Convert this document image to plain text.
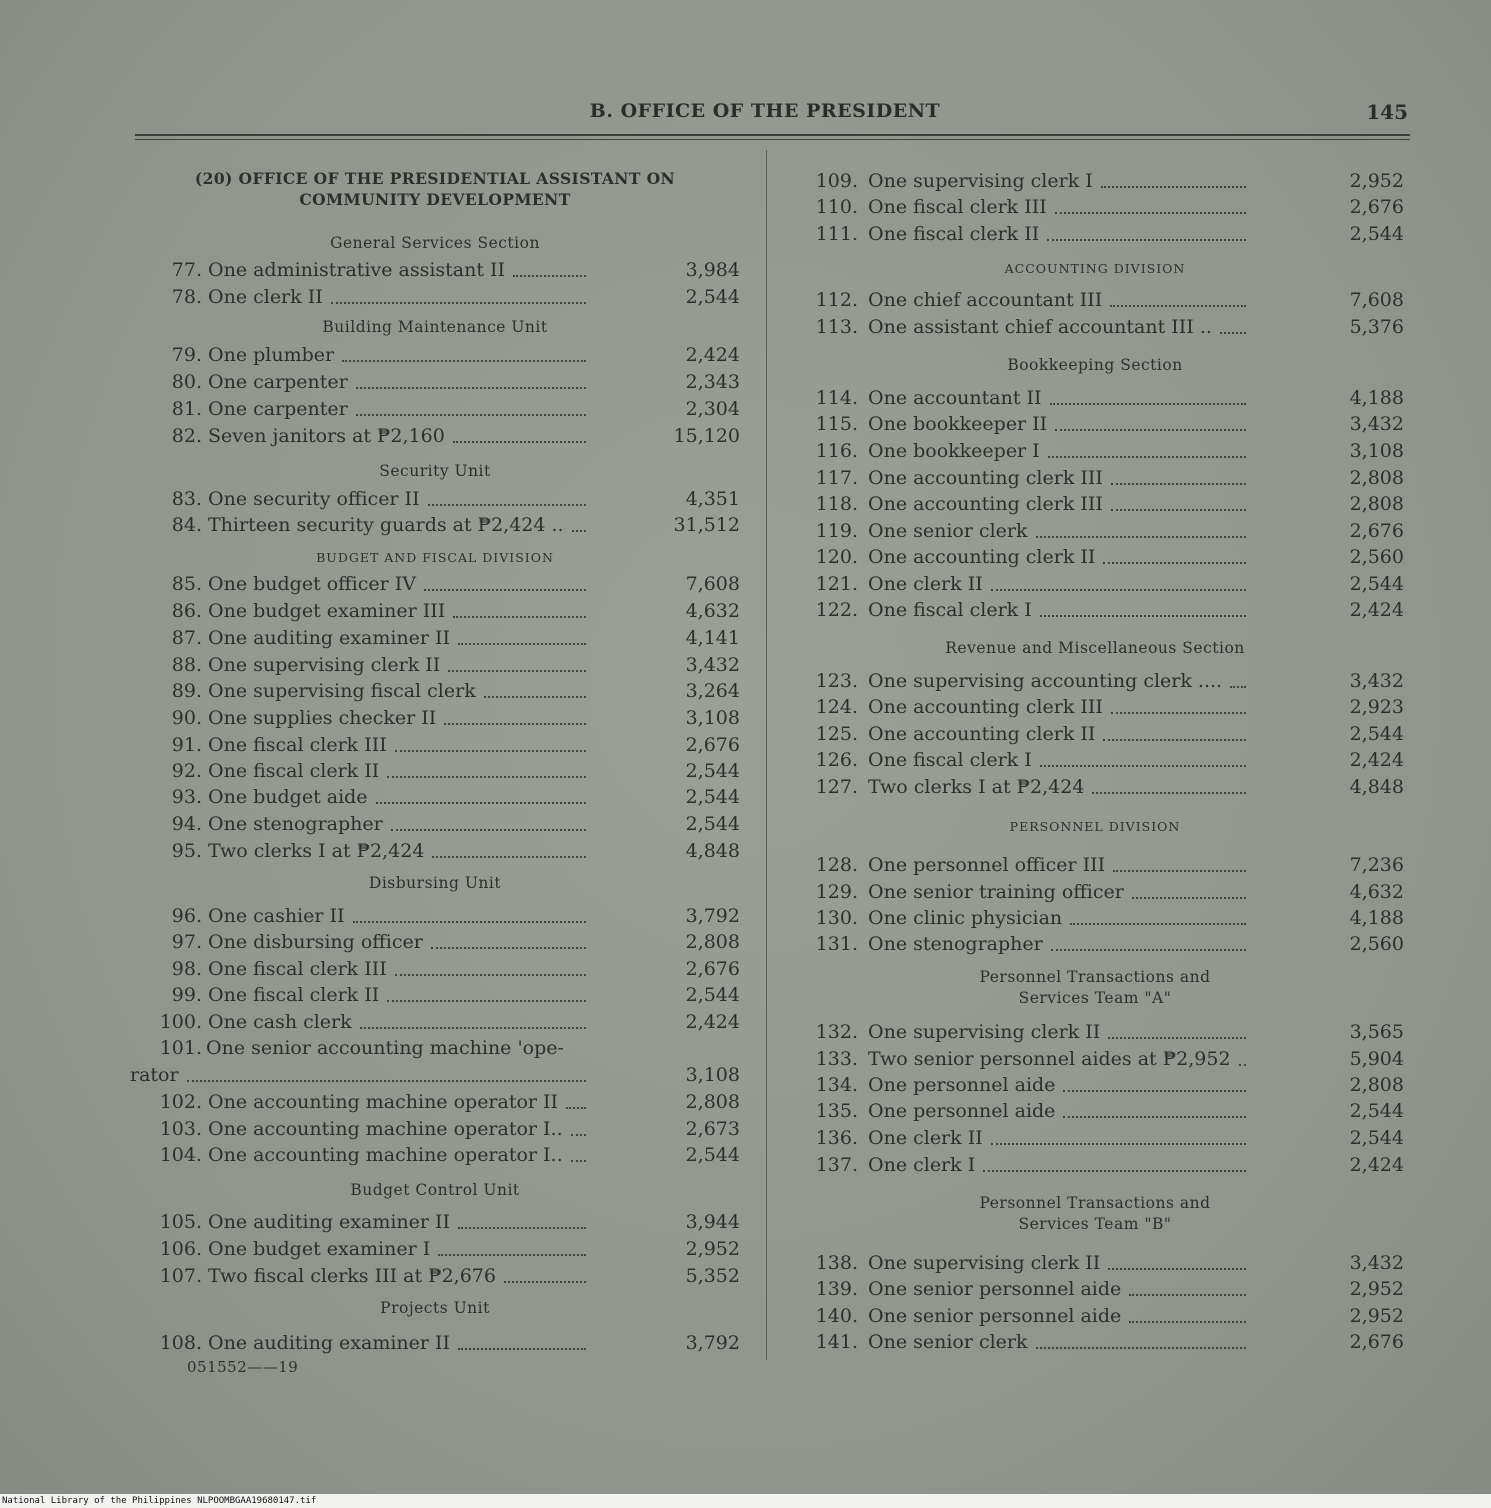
B. OFFICE OF THE PRESIDENT	145
(20) OFFICE OF THE PRESIDENTIAL ASSISTANT ON
COMMUNITY DEVELOPMENT
General Services Section
77. One administrative assistant II	3,984
78. One clerk II	2,544
Building Maintenance Unit
79. One plumber	2,424
80. One carpenter	2,343
81. One carpenter	2,304
82. Seven janitors at ₱2,160	15,120
Security Unit
83. One security officer II	4,351
84. Thirteen security guards at ₱2,424 ..	31,512
BUDGET AND FISCAL DIVISION
85. One budget officer IV	7,608
86. One budget examiner III	4,632
87. One auditing examiner II	4,141
88. One supervising clerk II	3,432
89. One supervising fiscal clerk	3,264
90. One supplies checker II	3,108
91. One fiscal clerk III	2,676
92. One fiscal clerk II	2,544
93. One budget aide	2,544
94. One stenographer	2,544
95. Two clerks I at ₱2,424	4,848
Disbursing Unit
96. One cashier II	3,792
97. One disbursing officer	2,808
98. One fiscal clerk III	2,676
99. One fiscal clerk II	2,544
100. One cash clerk	2,424
Budget Control Unit
105. One auditing examiner II	3,944
106. One budget examiner I	2,952
107. Two fiscal clerks III at ₱2,676	5,352
Projects Unit
108. One auditing examiner II	3,792
101. One senior accounting machine 'ope-
rator	3,108
102. One accounting machine operator II	2,808
103. One accounting machine operator I..	2,673
104. One accounting machine operator I..	2,544
109. One supervising clerk I	2,952
110. One fiscal clerk III	2,676
111. One fiscal clerk II	2,544
ACCOUNTING DIVISION
112. One chief accountant III	7,608
113. One assistant chief accountant III ..	5,376
Bookkeeping Section
114. One accountant II	4,188
115. One bookkeeper II	3,432
116. One bookkeeper I	3,108
117. One accounting clerk III	2,808
118. One accounting clerk III	2,808
119. One senior clerk	2,676
120. One accounting clerk II	2,560
121. One clerk II	2,544
122. One fiscal clerk I	2,424
Revenue and Miscellaneous Section
123. One supervising accounting clerk ....	3,432
124. One accounting clerk III	2,923
125. One accounting clerk II	2,544
126. One fiscal clerk I	2,424
127. Two clerks I at ₱2,424	4,848
PERSONNEL DIVISION
128. One personnel officer III	7,236
129. One senior training officer	4,632
130. One clinic physician	4,188
131. One stenographer	2,560
Personnel Transactions and
Services Team "A"
132. One supervising clerk II	3,565
133. Two senior personnel aides at ₱2,952	5,904
134. One personnel aide	2,808
135. One personnel aide	2,544
136. One clerk II	2,544
137. One clerk I	2,424
Personnel Transactions and
Services Team "B"
138. One supervising clerk II	3,432
139. One senior personnel aide	2,952
140. One senior personnel aide	2,952
141. One senior clerk	2,676
051552——19
National Library of the Philippines NLPOOMBGAA19680147.tif
